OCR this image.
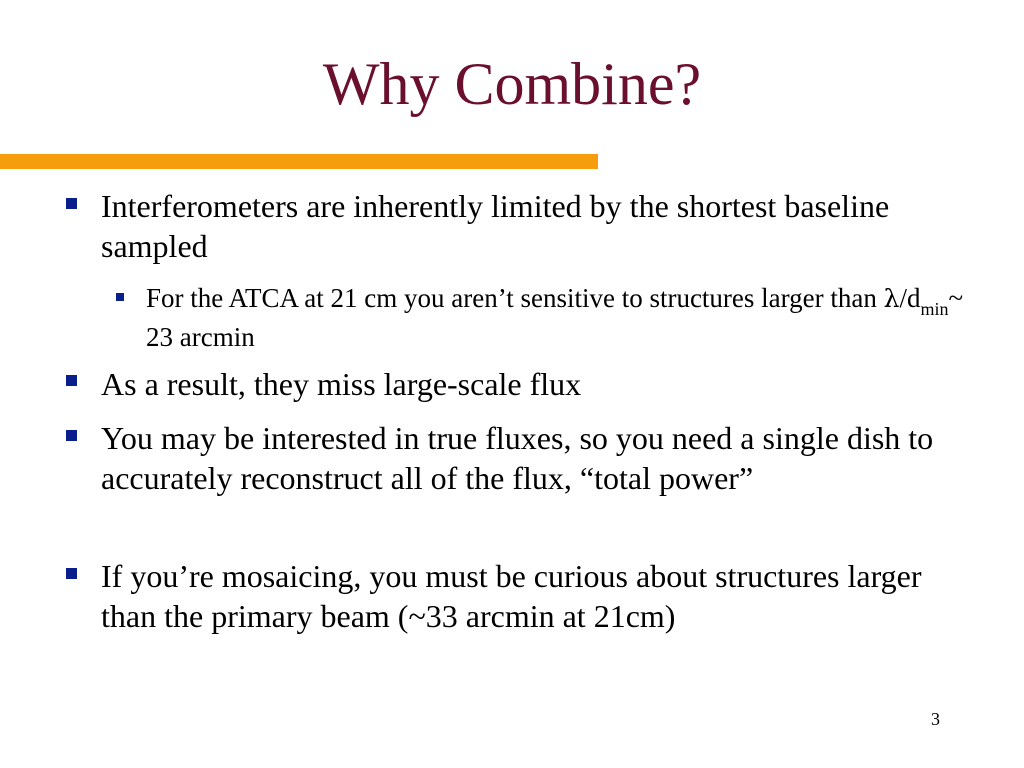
Why Combine?
Interferometers are inherently limited by the shortest baseline sampled
For the ATCA at 21 cm you aren’t sensitive to structures larger than $\lambda/d_{min}\sim$ 23 arcmin
As a result, they miss large-scale flux
You may be interested in true fluxes, so you need a single dish to accurately reconstruct all of the flux, “total power”
If you’re mosaicing, you must be curious about structures larger than the primary beam (~33 arcmin at 21cm)
3
